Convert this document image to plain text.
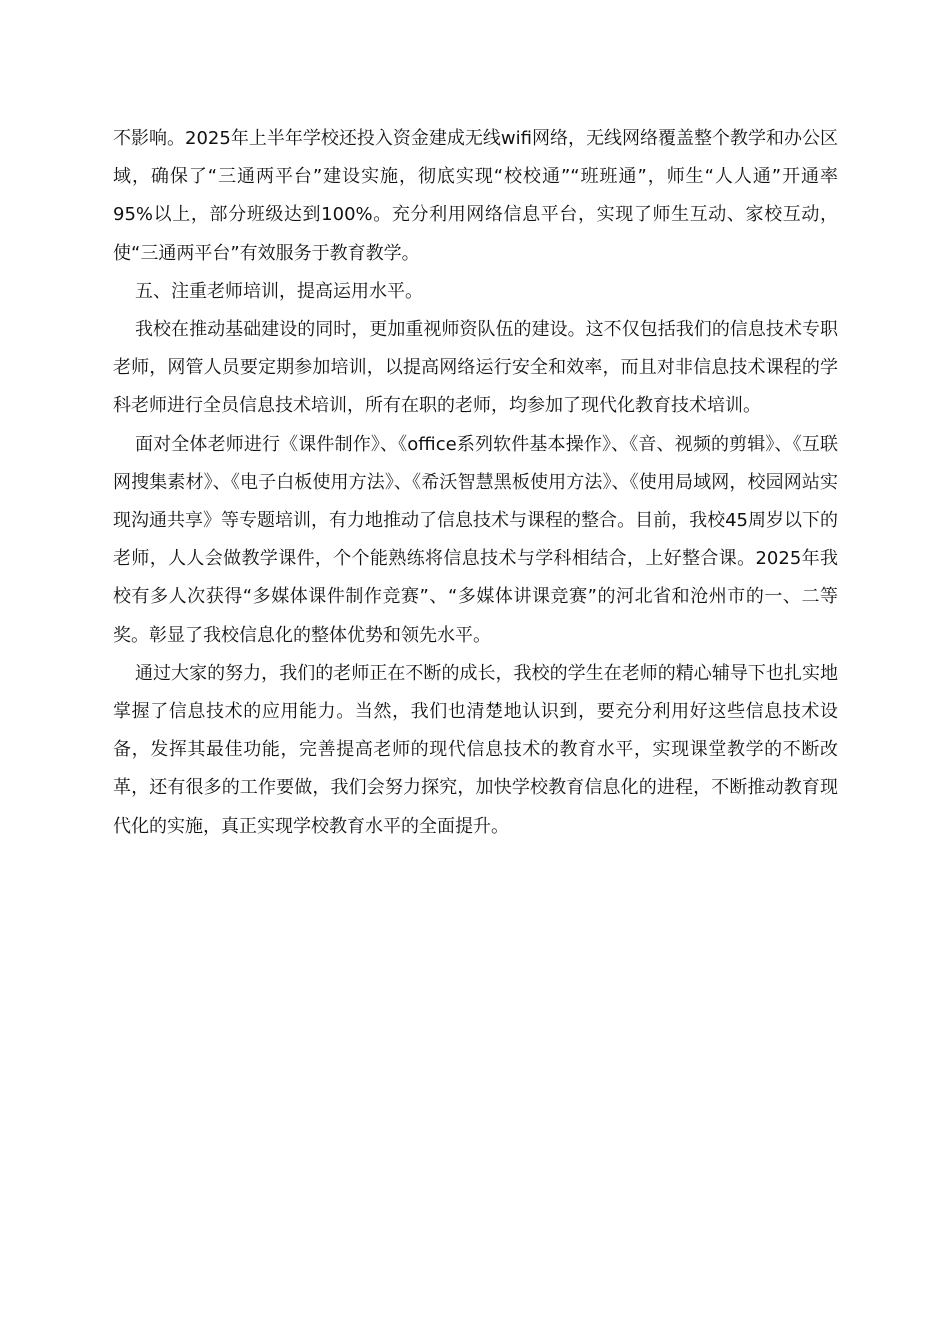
不影响。2025年上半年学校还投入资金建成无线wifi网络，无线网络覆盖整个教学和办公区域，确保了“三通两平台”建设实施，彻底实现“校校通”“班班通”，师生“人人通”开通率95%以上，部分班级达到100%。充分利用网络信息平台，实现了师生互动、家校互动，使“三通两平台”有效服务于教育教学。

五、注重老师培训，提高运用水平。

我校在推动基础建设的同时，更加重视师资队伍的建设。这不仅包括我们的信息技术专职老师，网管人员要定期参加培训，以提高网络运行安全和效率，而且对非信息技术课程的学科老师进行全员信息技术培训，所有在职的老师，均参加了现代化教育技术培训。

面对全体老师进行《课件制作》、《office系列软件基本操作》、《音、视频的剪辑》、《互联网搜集素材》、《电子白板使用方法》、《希沃智慧黑板使用方法》、《使用局域网，校园网站实现沟通共享》等专题培训，有力地推动了信息技术与课程的整合。目前，我校45周岁以下的老师，人人会做教学课件，个个能熟练将信息技术与学科相结合，上好整合课。2025年我校有多人次获得“多媒体课件制作竞赛”、“多媒体讲课竞赛”的河北省和沧州市的一、二等奖。彰显了我校信息化的整体优势和领先水平。

通过大家的努力，我们的老师正在不断的成长，我校的学生在老师的精心辅导下也扎实地掌握了信息技术的应用能力。当然，我们也清楚地认识到，要充分利用好这些信息技术设备，发挥其最佳功能，完善提高老师的现代信息技术的教育水平，实现课堂教学的不断改革，还有很多的工作要做，我们会努力探究，加快学校教育信息化的进程，不断推动教育现代化的实施，真正实现学校教育水平的全面提升。
